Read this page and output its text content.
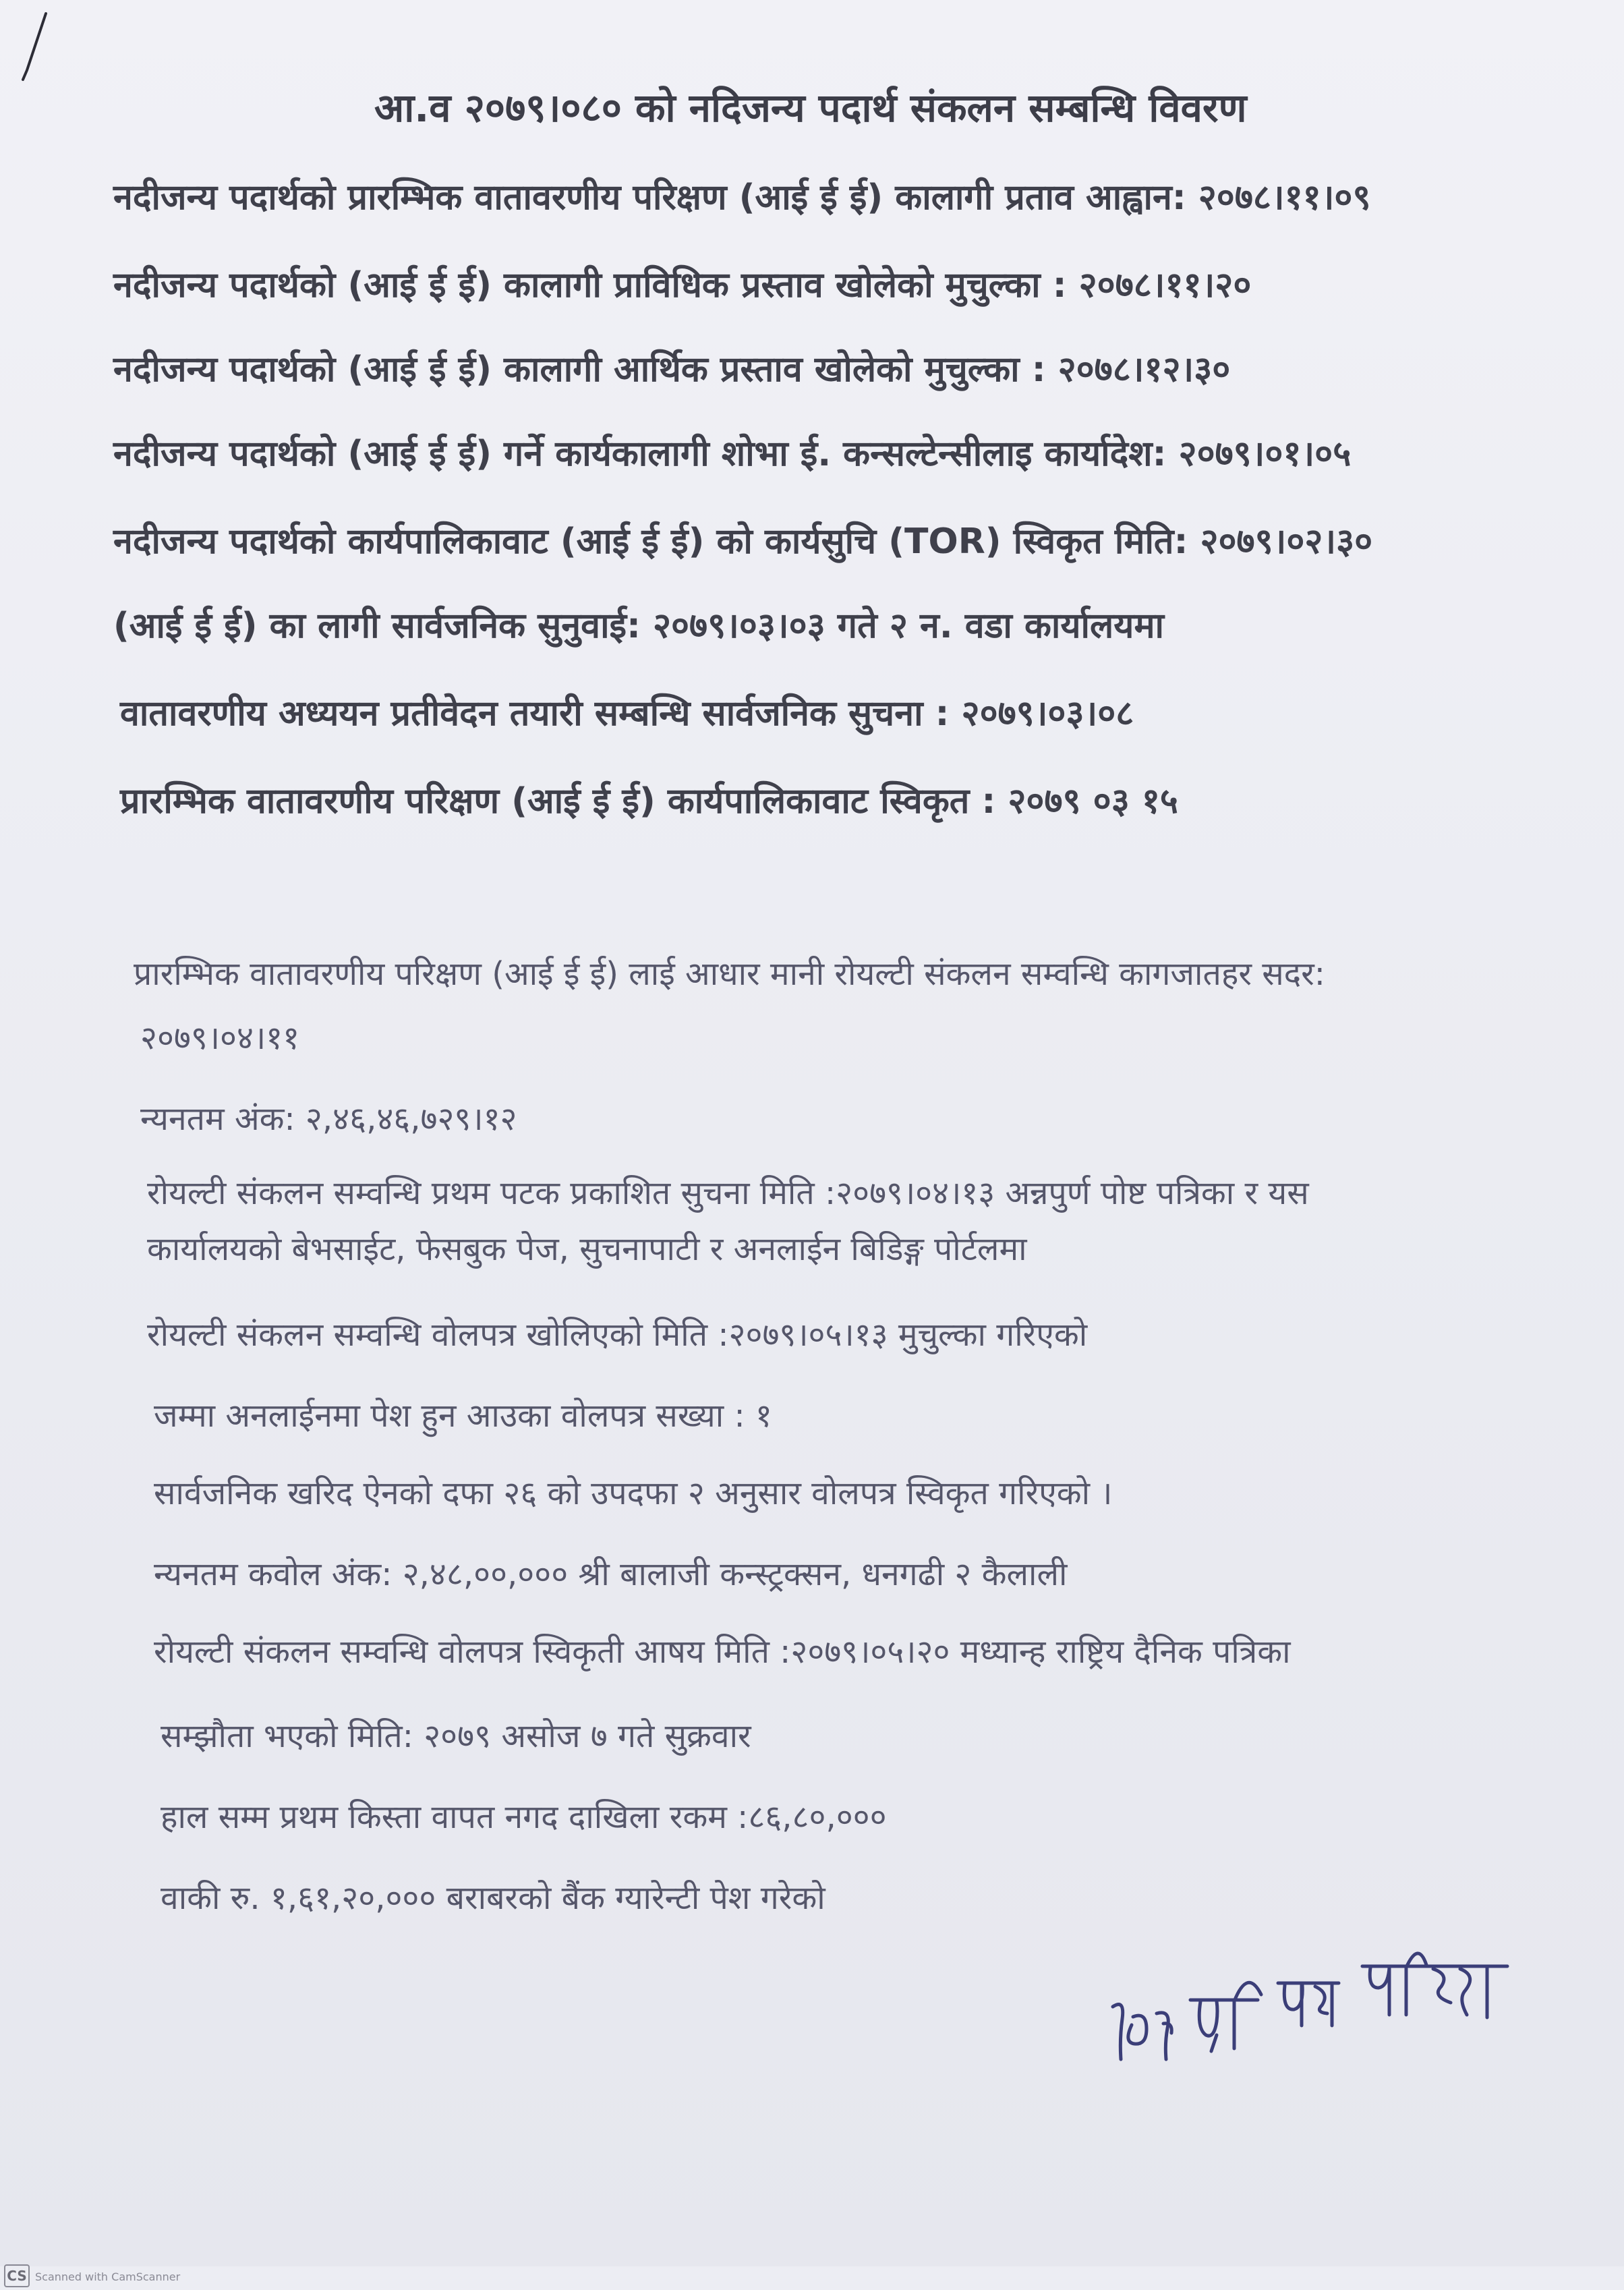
आ.व २०७९।०८० को नदिजन्य पदार्थ संकलन सम्बन्धि विवरण
नदीजन्य पदार्थको प्रारम्भिक वातावरणीय परिक्षण (आई ई ई) कालागी प्रताव आह्वान: २०७८।११।०९
नदीजन्य पदार्थको (आई ई ई) कालागी प्राविधिक प्रस्ताव खोलेको मुचुल्का : २०७८।११।२०
नदीजन्य पदार्थको (आई ई ई) कालागी आर्थिक प्रस्ताव खोलेको मुचुल्का : २०७८।१२।३०
नदीजन्य पदार्थको (आई ई ई) गर्ने कार्यकालागी शोभा ई. कन्सल्टेन्सीलाइ कार्यादेश: २०७९।०१।०५
नदीजन्य पदार्थको कार्यपालिकावाट (आई ई ई) को कार्यसुचि (TOR) स्विकृत मिति: २०७९।०२।३०
(आई ई ई) का लागी सार्वजनिक सुनुवाई: २०७९।०३।०३ गते २ न. वडा कार्यालयमा
वातावरणीय अध्ययन प्रतीवेदन तयारी सम्बन्धि सार्वजनिक सुचना : २०७९।०३।०८
प्रारम्भिक वातावरणीय परिक्षण (आई ई ई) कार्यपालिकावाट स्विकृत : २०७९ ०३ १५
प्रारम्भिक वातावरणीय परिक्षण (आई ई ई) लाई आधार मानी रोयल्टी संकलन सम्वन्धि कागजातहर सदर:
२०७९।०४।११
न्यनतम अंक: २,४६,४६,७२९।१२
रोयल्टी संकलन सम्वन्धि प्रथम पटक प्रकाशित सुचना मिति :२०७९।०४।१३ अन्नपुर्ण पोष्ट पत्रिका र यस
कार्यालयको बेभसाईट, फेसबुक पेज, सुचनापाटी र अनलाईन बिडिङ्ग पोर्टलमा
रोयल्टी संकलन सम्वन्धि वोलपत्र खोलिएको मिति :२०७९।०५।१३ मुचुल्का गरिएको
जम्मा अनलाईनमा पेश हुन आउका वोलपत्र सख्या : १
सार्वजनिक खरिद ऐनको दफा २६ को उपदफा २ अनुसार वोलपत्र स्विकृत गरिएको ।
न्यनतम कवोल अंक: २,४८,००,००० श्री बालाजी कन्स्ट्रक्सन, धनगढी २ कैलाली
रोयल्टी संकलन सम्वन्धि वोलपत्र स्विकृती आषय मिति :२०७९।०५।२० मध्यान्ह राष्ट्रिय दैनिक पत्रिका
सम्झौता भएको मिति: २०७९ असोज ७ गते सुक्रवार
हाल सम्म प्रथम किस्ता वापत नगद दाखिला रकम :८६,८०,०००
वाकी रु. १,६१,२०,००० बराबरको बैंक ग्यारेन्टी पेश गरेको
CS Scanned with CamScanner
